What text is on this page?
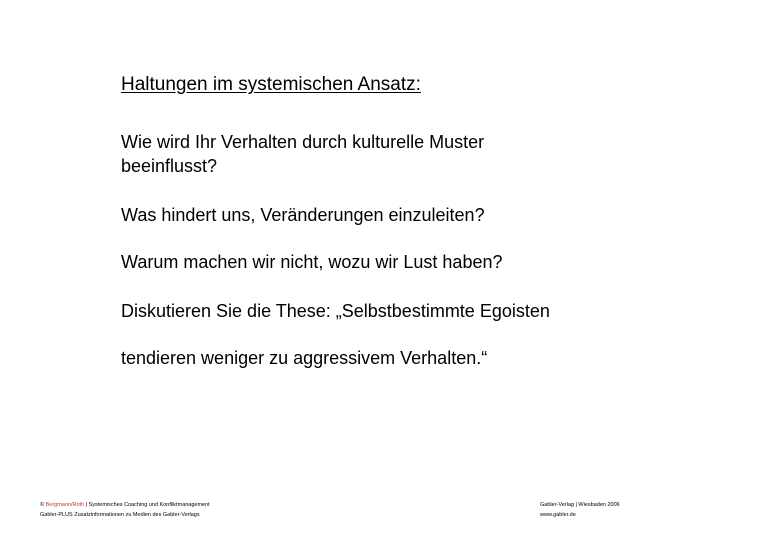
Haltungen im systemischen Ansatz:
Wie wird Ihr Verhalten durch kulturelle Muster
beeinflusst?
Was hindert uns, Veränderungen einzuleiten?
Warum machen wir nicht, wozu wir Lust haben?
Diskutieren Sie die These: „Selbstbestimmte Egoisten
tendieren weniger zu aggressivem Verhalten.“
© Bergmann/Roth | Systemisches Coaching und Konfliktmanagement
Gabler-PLUS Zusatzinformationen zu Medien des Gabler-Verlags
Gabler-Verlag | Wiesbaden 2006
www.gabler.de
